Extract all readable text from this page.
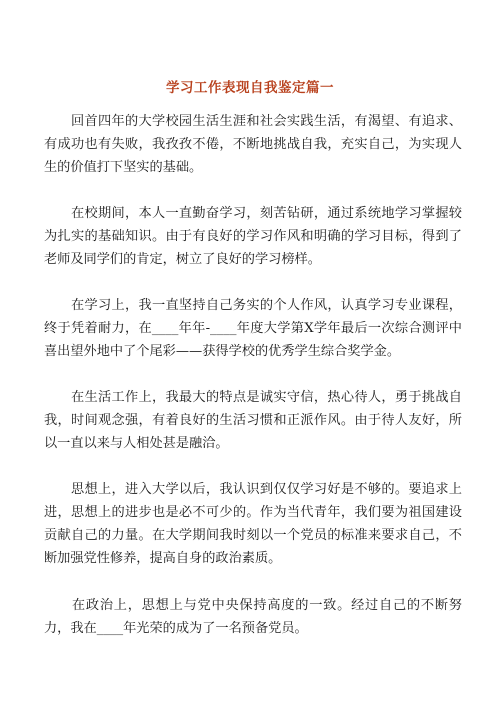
学习工作表现自我鉴定篇一

　　回首四年的大学校园生活生涯和社会实践生活，有渴望、有追求、有成功也有失败，我孜孜不倦，不断地挑战自我，充实自己，为实现人生的价值打下坚实的基础。

　　在校期间，本人一直勤奋学习，刻苦钻研，通过系统地学习掌握较为扎实的基础知识。由于有良好的学习作风和明确的学习目标，得到了老师及同学们的肯定，树立了良好的学习榜样。

　　在学习上，我一直坚持自己务实的个人作风，认真学习专业课程，终于凭着耐力，在____年年-____年度大学第X学年最后一次综合测评中喜出望外地中了个尾彩——获得学校的优秀学生综合奖学金。

　　在生活工作上，我最大的特点是诚实守信，热心待人，勇于挑战自我，时间观念强，有着良好的生活习惯和正派作风。由于待人友好，所以一直以来与人相处甚是融洽。

　　思想上，进入大学以后，我认识到仅仅学习好是不够的。要追求上进，思想上的进步也是必不可少的。作为当代青年，我们要为祖国建设贡献自己的力量。在大学期间我时刻以一个党员的标准来要求自己，不断加强党性修养，提高自身的政治素质。

　　在政治上，思想上与党中央保持高度的一致。经过自己的不断努力，我在____年光荣的成为了一名预备党员。
